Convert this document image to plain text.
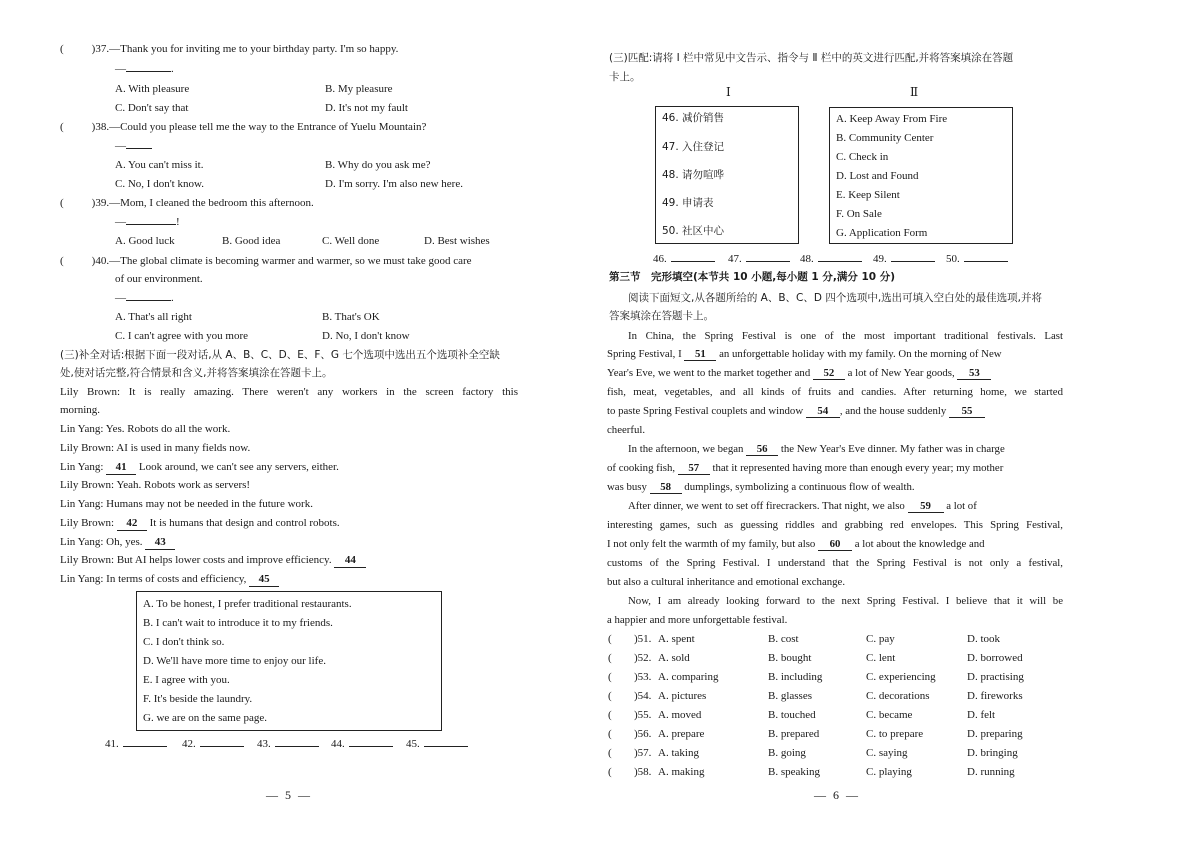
(	)37.—Thank you for inviting me to your birthday party. I'm so happy.
—	.
A. With pleasure	B. My pleasure
C. Don't say that	D. It's not my fault
(	)38.—Could you please tell me the way to the Entrance of Yuelu Mountain?
—
A. You can't miss it.	B. Why do you ask me?
C. No, I don't know.	D. I'm sorry. I'm also new here.
(	)39.—Mom, I cleaned the bedroom this afternoon.
—	!
A. Good luck	B. Good idea	C. Well done	D. Best wishes
(	)40.—The global climate is becoming warmer and warmer, so we must take good care
of our environment.
—	.
A. That's all right	B. That's OK
C. I can't agree with you more	D. No, I don't know
(三)补全对话:根据下面一段对话,从 A、B、C、D、E、F、G 七个选项中选出五个选项补全空缺
处,使对话完整,符合情景和含义,并将答案填涂在答题卡上。
Lily Brown: It is really amazing. There weren't any workers in the screen factory this
morning.
Lin Yang: Yes. Robots do all the work.
Lily Brown: AI is used in many fields now.
Lin Yang: 41 Look around, we can't see any servers, either.
Lily Brown: Yeah. Robots work as servers!
Lin Yang: Humans may not be needed in the future work.
Lily Brown: 42 It is humans that design and control robots.
Lin Yang: Oh, yes. 43
Lily Brown: But AI helps lower costs and improve efficiency. 44
Lin Yang: In terms of costs and efficiency, 45
A. To be honest, I prefer traditional restaurants.
B. I can't wait to introduce it to my friends.
C. I don't think so.
D. We'll have more time to enjoy our life.
E. I agree with you.
F. It's beside the laundry.
G. we are on the same page.
41.	42.	43.	44.	45.
— 5 —
(三)匹配:请将 Ⅰ 栏中常见中文告示、指令与 Ⅱ 栏中的英文进行匹配,并将答案填涂在答题
卡上。
Ⅰ	Ⅱ
46. 减价销售
47. 入住登记
48. 请勿喧哗
49. 申请表
50. 社区中心
A. Keep Away From Fire
B. Community Center
C. Check in
D. Lost and Found
E. Keep Silent
F. On Sale
G. Application Form
46.	47.	48.	49.	50.
第三节　完形填空(本节共 10 小题,每小题 1 分,满分 10 分)
阅读下面短文,从各题所给的 A、B、C、D 四个选项中,选出可填入空白处的最佳选项,并将
答案填涂在答题卡上。
In China, the Spring Festival is one of the most important traditional festivals. Last
Spring Festival, I 51 an unforgettable holiday with my family. On the morning of New
Year's Eve, we went to the market together and 52 a lot of New Year goods, 53
fish, meat, vegetables, and all kinds of fruits and candies. After returning home, we started
to paste Spring Festival couplets and window 54 , and the house suddenly 55
cheerful.
In the afternoon, we began 56 the New Year's Eve dinner. My father was in charge
of cooking fish, 57 that it represented having more than enough every year; my mother
was busy 58 dumplings, symbolizing a continuous flow of wealth.
After dinner, we went to set off firecrackers. That night, we also 59 a lot of
interesting games, such as guessing riddles and grabbing red envelopes. This Spring Festival,
I not only felt the warmth of my family, but also 60 a lot about the knowledge and
customs of the Spring Festival. I understand that the Spring Festival is not only a festival,
but also a cultural inheritance and emotional exchange.
Now, I am already looking forward to the next Spring Festival. I believe that it will be
a happier and more unforgettable festival.
( )51. A. spent	B. cost	C. pay	D. took
( )52. A. sold	B. bought	C. lent	D. borrowed
( )53. A. comparing	B. including	C. experiencing	D. practising
( )54. A. pictures	B. glasses	C. decorations	D. fireworks
( )55. A. moved	B. touched	C. became	D. felt
( )56. A. prepare	B. prepared	C. to prepare	D. preparing
( )57. A. taking	B. going	C. saying	D. bringing
( )58. A. making	B. speaking	C. playing	D. running
— 6 —
